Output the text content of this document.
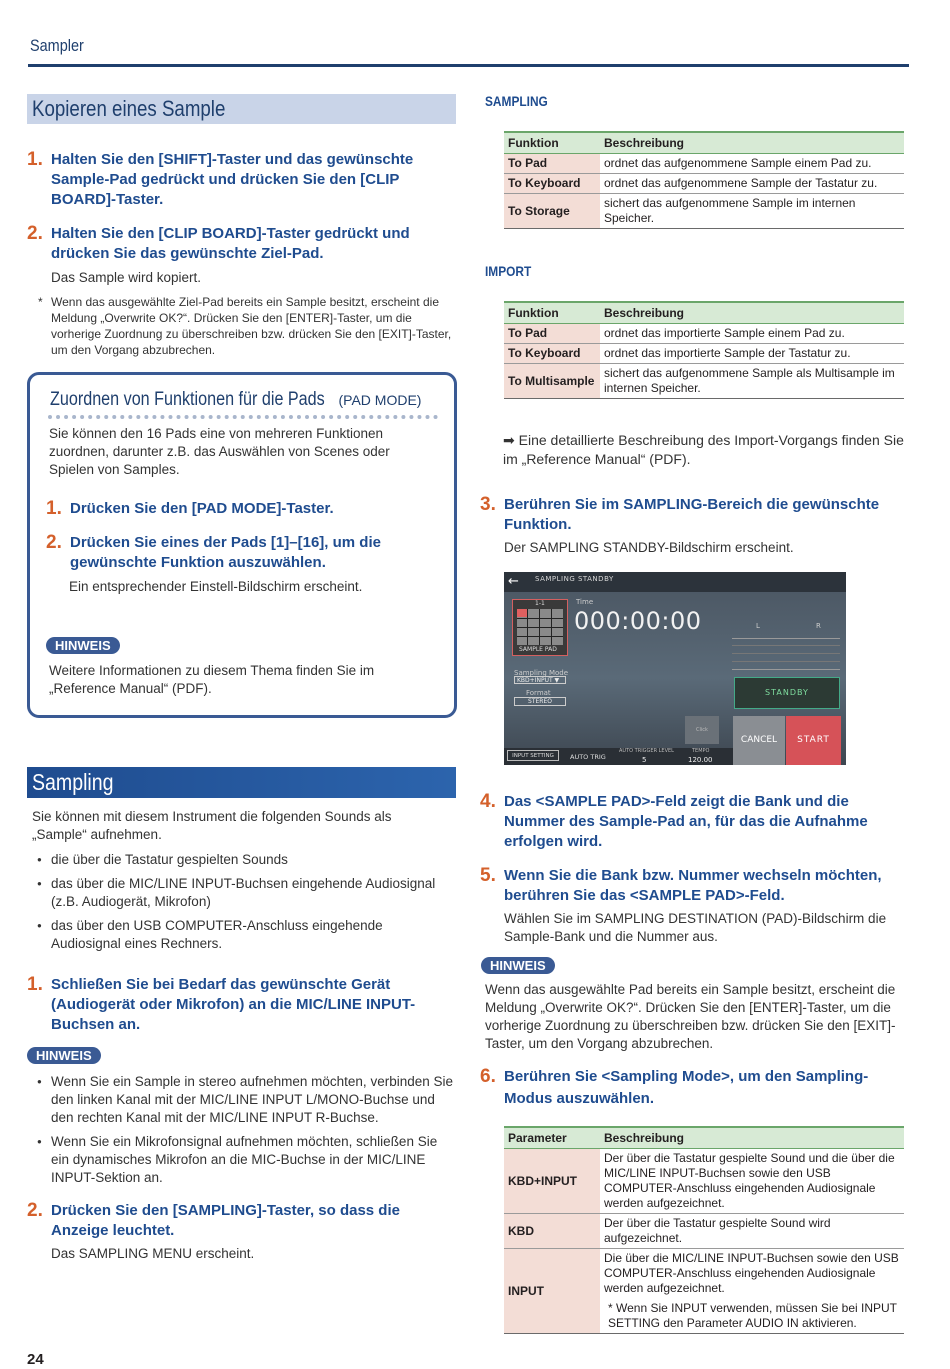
Sampler
Kopieren eines Sample
1. Halten Sie den [SHIFT]-Taster und das gewünschte Sample-Pad gedrückt und drücken Sie den [CLIP BOARD]-Taster.
2. Halten Sie den [CLIP BOARD]-Taster gedrückt und drücken Sie das gewünschte Ziel-Pad.
Das Sample wird kopiert.
* Wenn das ausgewählte Ziel-Pad bereits ein Sample besitzt, erscheint die Meldung „Overwrite OK?“. Drücken Sie den [ENTER]-Taster, um die vorherige Zuordnung zu überschreiben bzw. drücken Sie den [EXIT]-Taster, um den Vorgang abzubrechen.
Zuordnen von Funktionen für die Pads (PAD MODE)
Sie können den 16 Pads eine von mehreren Funktionen zuordnen, darunter z.B. das Auswählen von Scenes oder Spielen von Samples.
1. Drücken Sie den [PAD MODE]-Taster.
2. Drücken Sie eines der Pads [1]–[16], um die gewünschte Funktion auszuwählen.
Ein entsprechender Einstell-Bildschirm erscheint.
HINWEIS
Weitere Informationen zu diesem Thema finden Sie im „Reference Manual“ (PDF).
Sampling
Sie können mit diesem Instrument die folgenden Sounds als „Sample“ aufnehmen.
● die über die Tastatur gespielten Sounds
● das über die MIC/LINE INPUT-Buchsen eingehende Audiosignal (z.B. Audiogerät, Mikrofon)
● das über den USB COMPUTER-Anschluss eingehende Audiosignal eines Rechners.
1. Schließen Sie bei Bedarf das gewünschte Gerät (Audiogerät oder Mikrofon) an die MIC/LINE INPUT-Buchsen an.
HINWEIS
● Wenn Sie ein Sample in stereo aufnehmen möchten, verbinden Sie den linken Kanal mit der MIC/LINE INPUT L/MONO-Buchse und den rechten Kanal mit der MIC/LINE INPUT R-Buchse.
● Wenn Sie ein Mikrofonsignal aufnehmen möchten, schließen Sie ein dynamisches Mikrofon an die MIC-Buchse in der MIC/LINE INPUT-Sektion an.
2. Drücken Sie den [SAMPLING]-Taster, so dass die Anzeige leuchtet.
Das SAMPLING MENU erscheint.
24
SAMPLING
Funktion	Beschreibung
To Pad	ordnet das aufgenommene Sample einem Pad zu.
To Keyboard	ordnet das aufgenommene Sample der Tastatur zu.
To Storage	sichert das aufgenommene Sample im internen Speicher.
IMPORT
Funktion	Beschreibung
To Pad	ordnet das importierte Sample einem Pad zu.
To Keyboard	ordnet das importierte Sample der Tastatur zu.
To Multisample	sichert das aufgenommene Sample als Multisample im internen Speicher.
➡ Eine detaillierte Beschreibung des Import-Vorgangs finden Sie im „Reference Manual“ (PDF).
3. Berühren Sie im SAMPLING-Bereich die gewünschte Funktion.
Der SAMPLING STANDBY-Bildschirm erscheint.
← SAMPLING STANDBY
1-1
SAMPLE PAD
Time
000:00:00	L	R
Sampling Mode
KBD+INPUT ▼
Format
STEREO
STANDBY
Click
CANCEL	START
INPUT SETTING	AUTO TRIG
AUTO TRIGGER LEVEL
5
TEMPO
120.00
4. Das <SAMPLE PAD>-Feld zeigt die Bank und die Nummer des Sample-Pad an, für das die Aufnahme erfolgen wird.
5. Wenn Sie die Bank bzw. Nummer wechseln möchten, berühren Sie das <SAMPLE PAD>-Feld.
Wählen Sie im SAMPLING DESTINATION (PAD)-Bildschirm die Sample-Bank und die Nummer aus.
HINWEIS
Wenn das ausgewählte Pad bereits ein Sample besitzt, erscheint die Meldung „Overwrite OK?“. Drücken Sie den [ENTER]-Taster, um die vorherige Zuordnung zu überschreiben bzw. drücken Sie den [EXIT]-Taster, um den Vorgang abzubrechen.
6. Berühren Sie <Sampling Mode>, um den Sampling-Modus auszuwählen.
Parameter	Beschreibung
KBD+INPUT	Der über die Tastatur gespielte Sound und die über die MIC/LINE INPUT-Buchsen sowie den USB COMPUTER-Anschluss eingehenden Audiosignale werden aufgezeichnet.
KBD	Der über die Tastatur gespielte Sound wird aufgezeichnet.
INPUT	Die über die MIC/LINE INPUT-Buchsen sowie den USB COMPUTER-Anschluss eingehenden Audiosignale werden aufgezeichnet.
* Wenn Sie INPUT verwenden, müssen Sie bei INPUT SETTING den Parameter AUDIO IN aktivieren.
